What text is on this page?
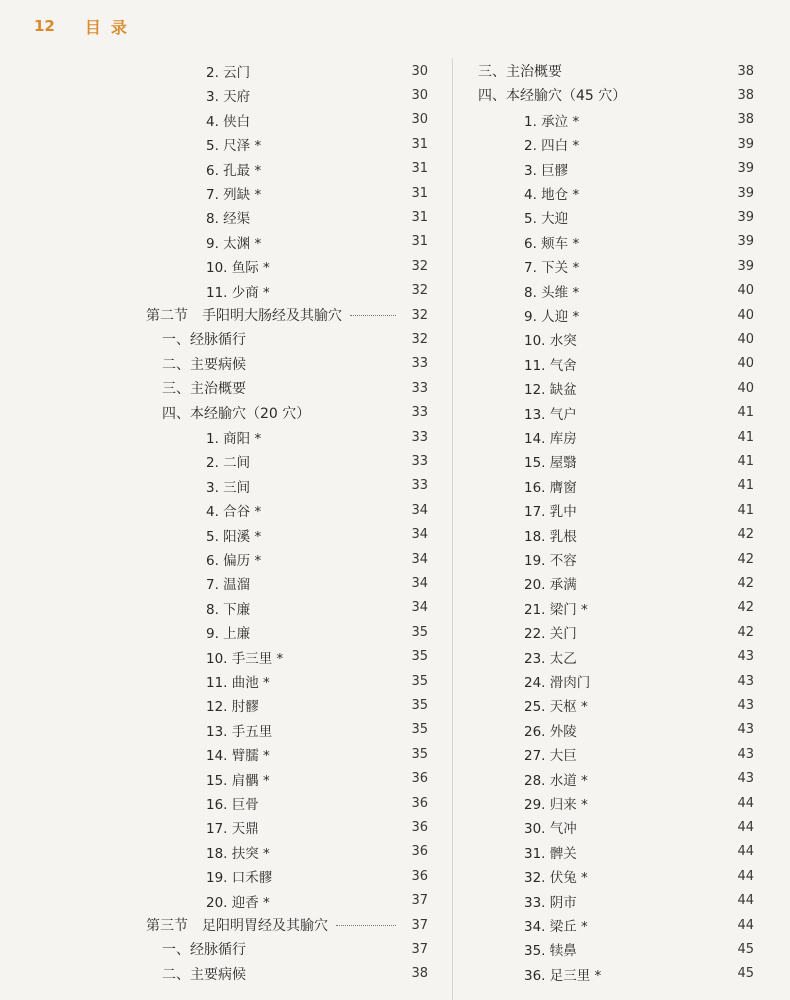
12 目录
2. 云门	30
3. 天府	30
4. 侠白	30
5. 尺泽 *	31
6. 孔最 *	31
7. 列缺 *	31
8. 经渠	31
9. 太渊 *	31
10. 鱼际 *	32
11. 少商 *	32
第二节　手阳明大肠经及其腧穴	32
一、经脉循行	32
二、主要病候	33
三、主治概要	33
四、本经腧穴（20 穴）	33
1. 商阳 *	33
2. 二间	33
3. 三间	33
4. 合谷 *	34
5. 阳溪 *	34
6. 偏历 *	34
7. 温溜	34
8. 下廉	34
9. 上廉	35
10. 手三里 *	35
11. 曲池 *	35
12. 肘髎	35
13. 手五里	35
14. 臂臑 *	35
15. 肩髃 *	36
16. 巨骨	36
17. 天鼎	36
18. 扶突 *	36
19. 口禾髎	36
20. 迎香 *	37
第三节　足阳明胃经及其腧穴	37
一、经脉循行	37
二、主要病候	38
三、主治概要	38
四、本经腧穴（45 穴）	38
1. 承泣 *	38
2. 四白 *	39
3. 巨髎	39
4. 地仓 *	39
5. 大迎	39
6. 颊车 *	39
7. 下关 *	39
8. 头维 *	40
9. 人迎 *	40
10. 水突	40
11. 气舍	40
12. 缺盆	40
13. 气户	41
14. 库房	41
15. 屋翳	41
16. 膺窗	41
17. 乳中	41
18. 乳根	42
19. 不容	42
20. 承满	42
21. 梁门 *	42
22. 关门	42
23. 太乙	43
24. 滑肉门	43
25. 天枢 *	43
26. 外陵	43
27. 大巨	43
28. 水道 *	43
29. 归来 *	44
30. 气冲	44
31. 髀关	44
32. 伏兔 *	44
33. 阴市	44
34. 梁丘 *	44
35. 犊鼻	45
36. 足三里 *	45
